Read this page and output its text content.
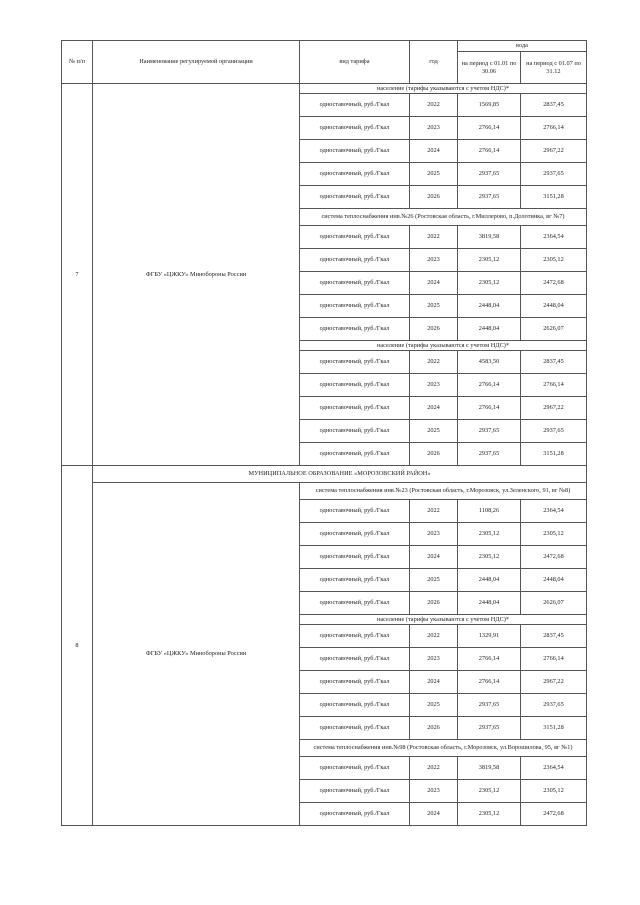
№ п/п	Наименование регулируемой организации	вид тарифа	год	вода	
				на период с 01.01 по 30.06	на период с 01.07 по 31.12
7	ФГБУ «ЦЖКУ» Минобороны России	население (тарифы указываются с учетом НДС)*			
		одноставочный, руб./Гкал	2022	1569,85	2837,45
		одноставочный, руб./Гкал	2023	2766,14	2766,14
		одноставочный, руб./Гкал	2024	2766,14	2967,22
		одноставочный, руб./Гкал	2025	2937,65	2937,65
		одноставочный, руб./Гкал	2026	2937,65	3151,28
		система теплоснабжения инв.№26 (Ростовская область, г.Миллерово, п.Долотинка, вг №7)			
		одноставочный, руб./Гкал	2022	3819,58	2364,54
		одноставочный, руб./Гкал	2023	2305,12	2305,12
		одноставочный, руб./Гкал	2024	2305,12	2472,68
		одноставочный, руб./Гкал	2025	2448,04	2448,04
		одноставочный, руб./Гкал	2026	2448,04	2626,07
		население (тарифы указываются с учетом НДС)*			
		одноставочный, руб./Гкал	2022	4583,50	2837,45
		одноставочный, руб./Гкал	2023	2766,14	2766,14
		одноставочный, руб./Гкал	2024	2766,14	2967,22
		одноставочный, руб./Гкал	2025	2937,65	2937,65
		одноставочный, руб./Гкал	2026	2937,65	3151,28
8	МУНИЦИПАЛЬНОЕ ОБРАЗОВАНИЕ «МОРОЗОВСКИЙ РАЙОН»				
	ФГБУ «ЦЖКУ» Минобороны России	система теплоснабжения инв.№23 (Ростовская область, г.Морозовск, ул.Зеленского, 91, вг №8)			
		одноставочный, руб./Гкал	2022	1108,26	2364,54
		одноставочный, руб./Гкал	2023	2305,12	2305,12
		одноставочный, руб./Гкал	2024	2305,12	2472,68
		одноставочный, руб./Гкал	2025	2448,04	2448,04
		одноставочный, руб./Гкал	2026	2448,04	2626,07
		население (тарифы указываются с учетом НДС)*			
		одноставочный, руб./Гкал	2022	1329,91	2837,45
		одноставочный, руб./Гкал	2023	2766,14	2766,14
		одноставочный, руб./Гкал	2024	2766,14	2967,22
		одноставочный, руб./Гкал	2025	2937,65	2937,65
		одноставочный, руб./Гкал	2026	2937,65	3151,28
		система теплоснабжения инв.№98 (Ростовская область, г.Морозовск, ул.Ворошилова, 95, вг №1)			
		одноставочный, руб./Гкал	2022	3819,58	2364,54
		одноставочный, руб./Гкал	2023	2305,12	2305,12
		одноставочный, руб./Гкал	2024	2305,12	2472,68
